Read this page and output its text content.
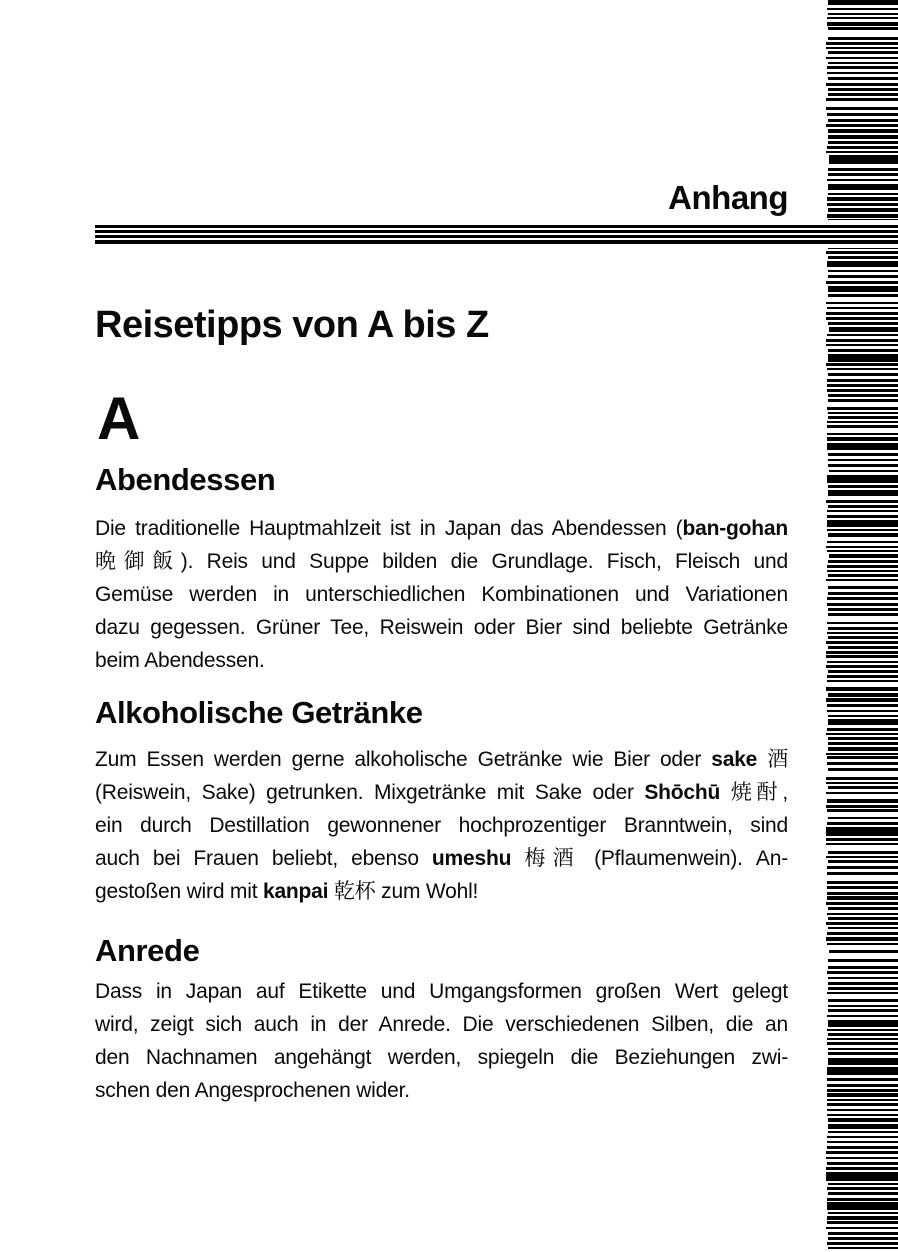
Anhang
Reisetipps von A bis Z
A
Abendessen
Die traditionelle Hauptmahlzeit ist in Japan das Abendessen (ban-gohan
晩御飯). Reis und Suppe bilden die Grundlage. Fisch, Fleisch und
Gemüse werden in unterschiedlichen Kombinationen und Variationen
dazu gegessen. Grüner Tee, Reiswein oder Bier sind beliebte Getränke
beim Abendessen.
Alkoholische Getränke
Zum Essen werden gerne alkoholische Getränke wie Bier oder sake 酒
(Reiswein, Sake) getrunken. Mixgetränke mit Sake oder Shōchū 焼酎,
ein durch Destillation gewonnener hochprozentiger Branntwein, sind
auch bei Frauen beliebt, ebenso umeshu 梅酒 (Pflaumenwein). An-
gestoßen wird mit kanpai 乾杯 zum Wohl!
Anrede
Dass in Japan auf Etikette und Umgangsformen großen Wert gelegt
wird, zeigt sich auch in der Anrede. Die verschiedenen Silben, die an
den Nachnamen angehängt werden, spiegeln die Beziehungen zwi-
schen den Angesprochenen wider.
